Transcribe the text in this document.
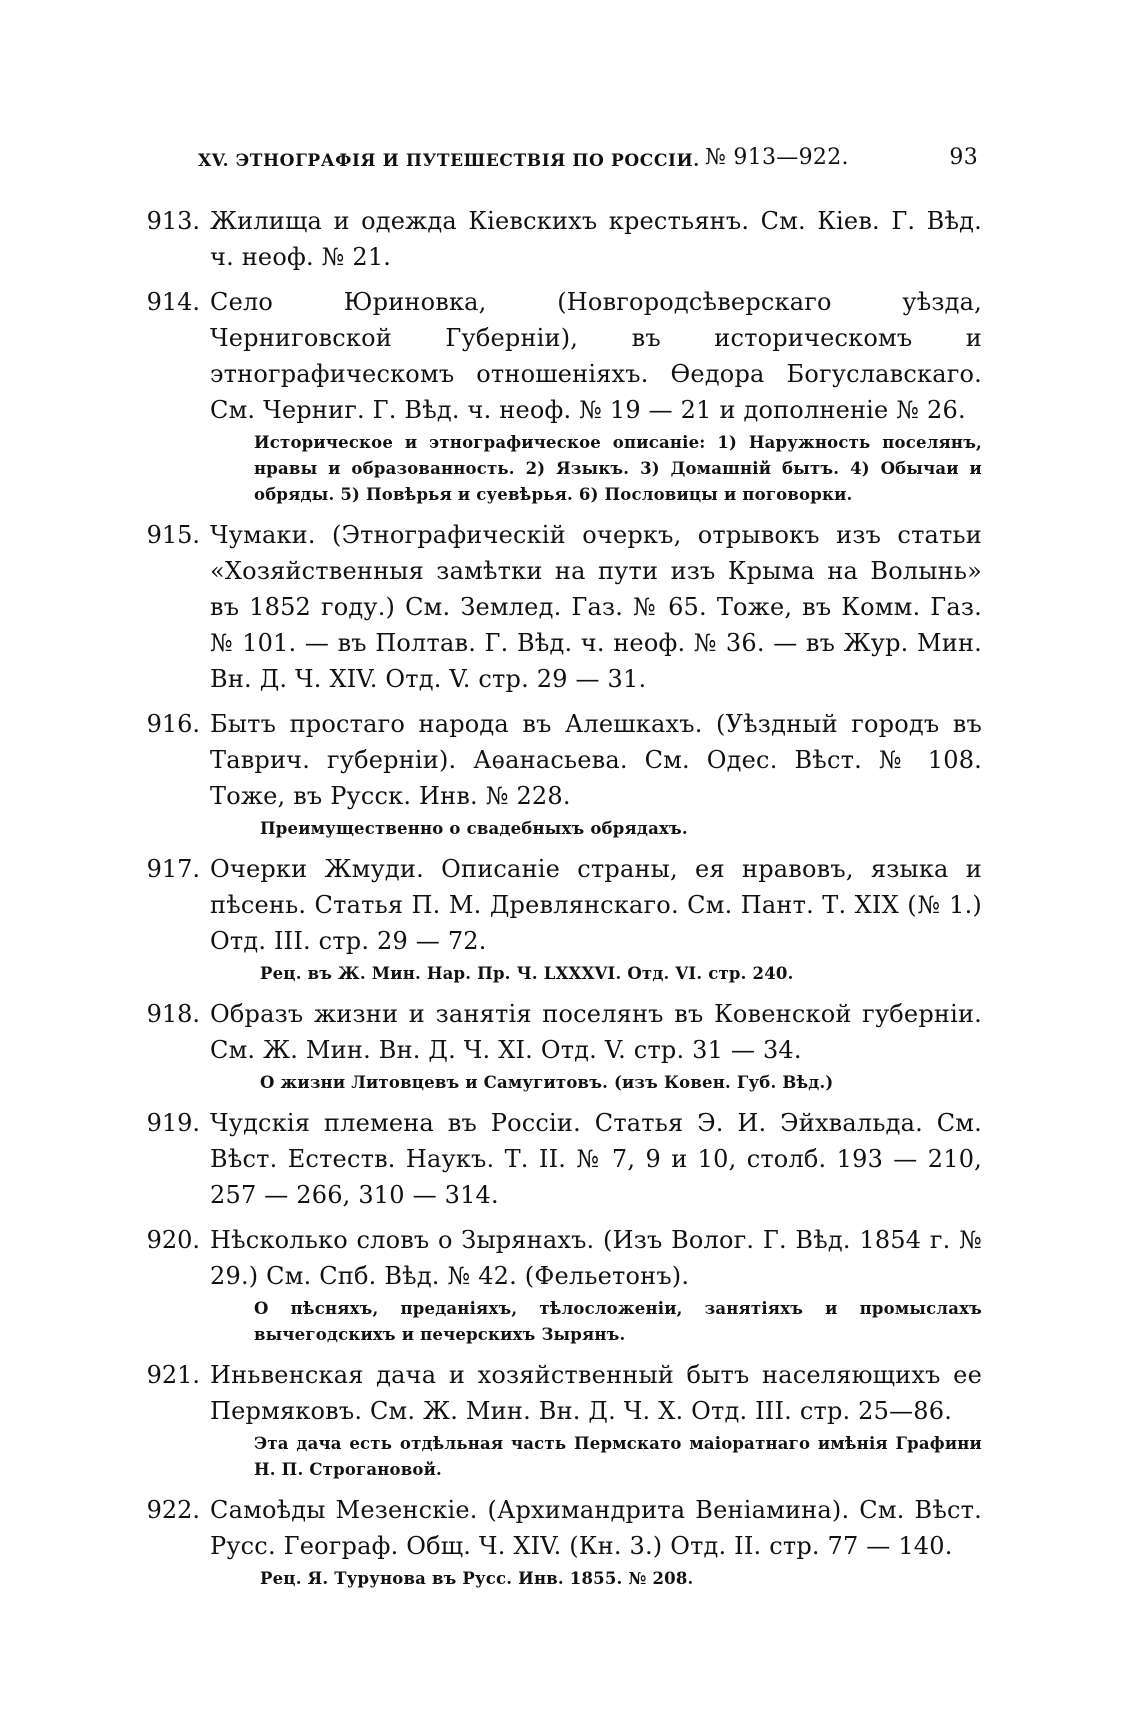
XV. ЭТНОГРАФІЯ И ПУТЕШЕСТВІЯ ПО РОССІИ. № 913—922.	93
913. Жилища и одежда Кіевскихъ крестьянъ. См. Кіев. Г. Вѣд. ч. неоф. № 21.
914. Село Юриновка, (Новгородсѣверскаго уѣзда, Черниговской Губерніи), въ историческомъ и этнографическомъ отношеніяхъ. Өедора Богуславскаго. См. Черниг. Г. Вѣд. ч. неоф. № 19 — 21 и дополненіе № 26.
Историческое и этнографическое описаніе: 1) Наружность поселянъ, нравы и образованность. 2) Языкъ. 3) Домашній бытъ. 4) Обычаи и обряды. 5) Повѣрья и суевѣрья. 6) Пословицы и поговорки.
915. Чумаки. (Этнографическій очеркъ, отрывокъ изъ статьи «Хозяйственныя замѣтки на пути изъ Крыма на Волынь» въ 1852 году.) См. Землед. Газ. № 65. Тоже, въ Комм. Газ. № 101. — въ Полтав. Г. Вѣд. ч. неоф. № 36. — въ Жур. Мин. Вн. Д. Ч. XIV. Отд. V. стр. 29 — 31.
916. Бытъ простаго народа въ Алешкахъ. (Уѣздный городъ въ Таврич. губерніи). Аѳанасьева. См. Одес. Вѣст. № 108. Тоже, въ Русск. Инв. № 228.
Преимущественно о свадебныхъ обрядахъ.
917. Очерки Жмуди. Описаніе страны, ея нравовъ, языка и пѣсень. Статья П. М. Древлянскаго. См. Пант. Т. XIX (№ 1.) Отд. III. стр. 29 — 72.
Рец. въ Ж. Мин. Нар. Пр. Ч. LXXXVI. Отд. VI. стр. 240.
918. Образъ жизни и занятія поселянъ въ Ковенской губерніи. См. Ж. Мин. Вн. Д. Ч. XI. Отд. V. стр. 31 — 34.
О жизни Литовцевъ и Самугитовъ. (изъ Ковен. Губ. Вѣд.)
919. Чудскія племена въ Россіи. Статья Э. И. Эйхвальда. См. Вѣст. Естеств. Наукъ. Т. II. № 7, 9 и 10, столб. 193 — 210, 257 — 266, 310 — 314.
920. Нѣсколько словъ о Зырянахъ. (Изъ Волог. Г. Вѣд. 1854 г. № 29.) См. Спб. Вѣд. № 42. (Фельетонъ).
О пѣсняхъ, преданіяхъ, тѣлосложеніи, занятіяхъ и промыслахъ вычегодскихъ и печерскихъ Зырянъ.
921. Иньвенская дача и хозяйственный бытъ населяющихъ ее Пермяковъ. См. Ж. Мин. Вн. Д. Ч. X. Отд. III. стр. 25—86.
Эта дача есть отдѣльная часть Пермскато маіоратнаго имѣнія Графини Н. П. Строгановой.
922. Самоѣды Мезенскіе. (Архимандрита Веніамина). См. Вѣст. Русс. Географ. Общ. Ч. XIV. (Кн. 3.) Отд. II. стр. 77 — 140.
Рец. Я. Турунова въ Русс. Инв. 1855. № 208.
